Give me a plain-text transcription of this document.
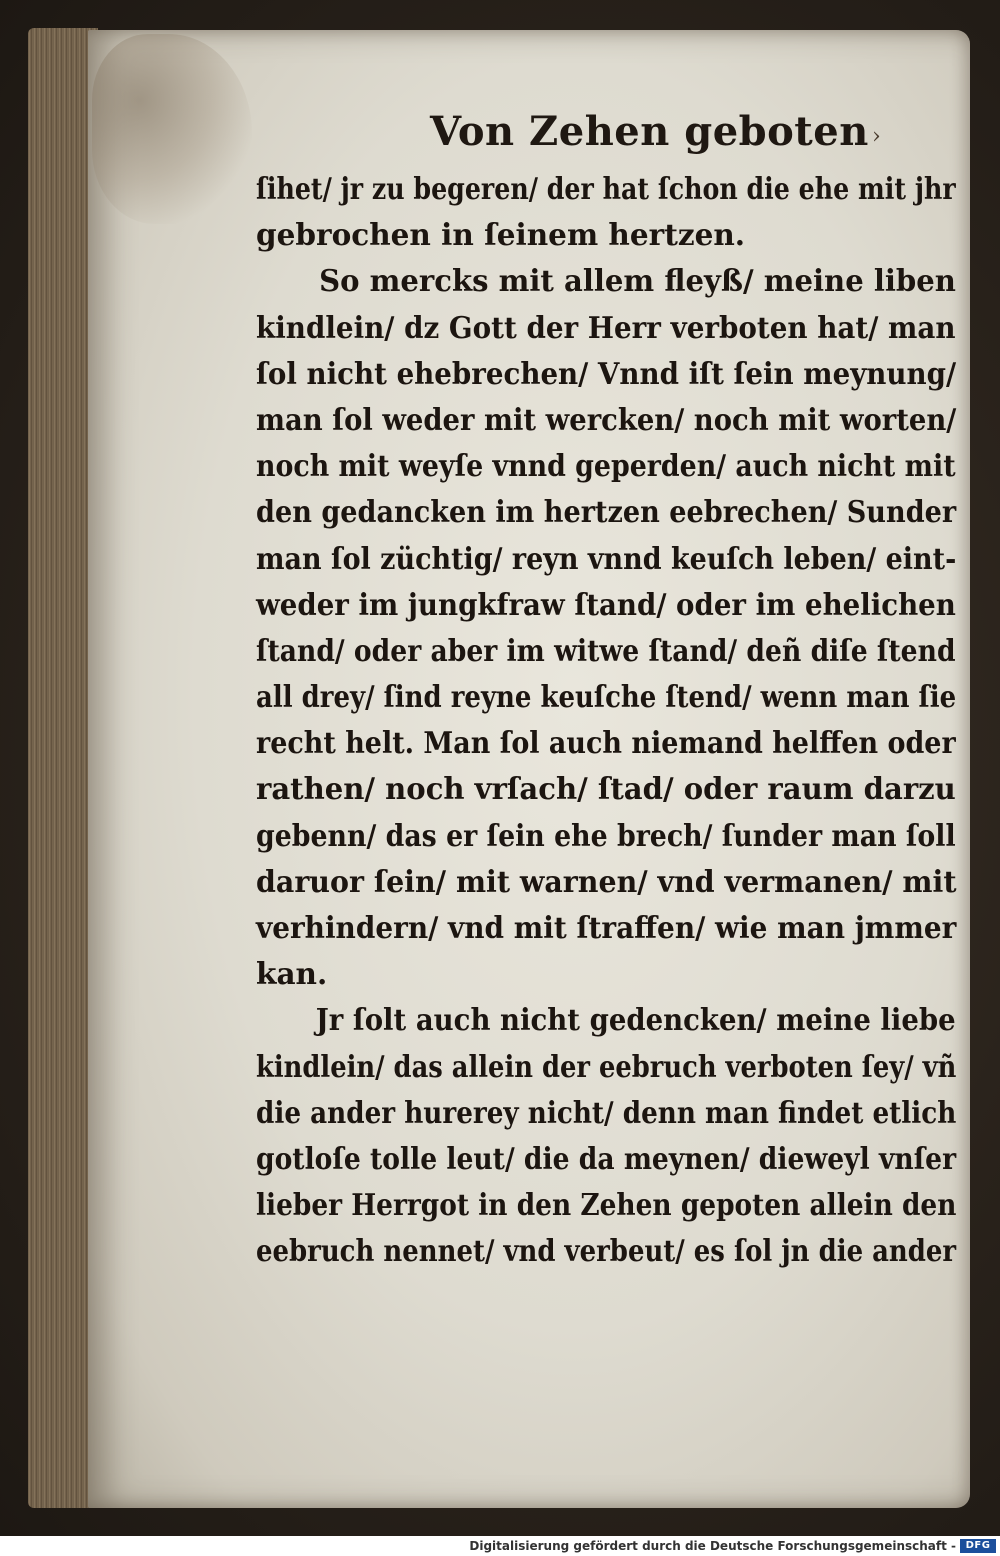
Von Zehen geboten ›
ſihet/ jr zu begeren/ der hat ſchon die ehe mit jhr
gebrochen in ſeinem hertzen.
So mercks mit allem fleyß/ meine liben
kindlein/ dz Gott der Herr verboten hat/ man
ſol nicht ehebrechen/ Vnnd iſt ſein meynung/
man ſol weder mit wercken/ noch mit worten/
noch mit weyſe vnnd geperden/ auch nicht mit
den gedancken im hertzen eebrechen/ Sunder
man ſol züchtig/ reyn vnnd keuſch leben/ eint-
weder im jungkfraw ſtand/ oder im ehelichen
ſtand/ oder aber im witwe ſtand/ deñ diſe ſtend
all drey/ ſind reyne keuſche ſtend/ wenn man ſie
recht helt. Man ſol auch niemand helffen oder
rathen/ noch vrſach/ ſtad/ oder raum darzu
gebenn/ das er ſein ehe brech/ ſunder man ſoll
daruor ſein/ mit warnen/ vnd vermanen/ mit
verhindern/ vnd mit ſtraffen/ wie man jmmer
kan.
Jr ſolt auch nicht gedencken/ meine liebe
kindlein/ das allein der eebruch verboten ſey/ vñ
die ander hurerey nicht/ denn man findet etlich
gotloſe tolle leut/ die da meynen/ dieweyl vnſer
lieber Herrgot in den Zehen gepoten allein den
eebruch nennet/ vnd verbeut/ es ſol jn die ander
Digitalisierung gefördert durch die Deutsche Forschungsgemeinschaft - DFG
